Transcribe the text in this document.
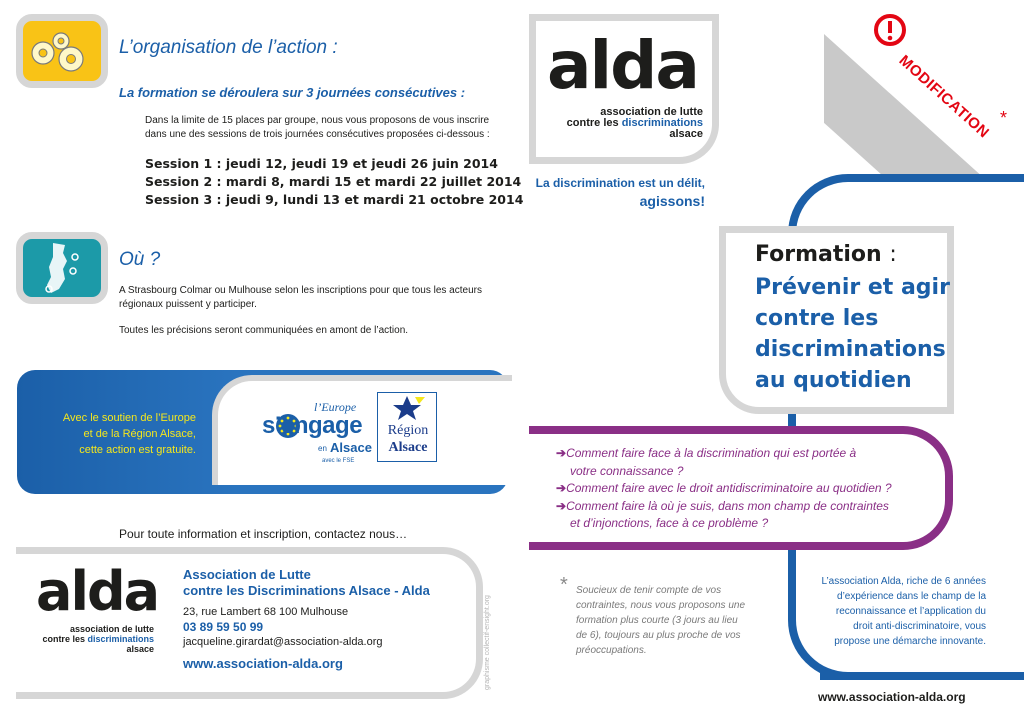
L’organisation de l’action :
La formation se déroulera sur 3 journées consécutives :
Dans la limite de 15 places par groupe, nous vous proposons de vous inscrire
dans une des sessions de trois journées consécutives proposées ci-dessous :
Session 1 : jeudi 12, jeudi 19 et jeudi 26 juin 2014
Session 2 : mardi 8, mardi 15 et mardi 22 juillet 2014
Session 3 : jeudi 9, lundi 13 et mardi 21 octobre 2014
Où ?
A Strasbourg Colmar ou Mulhouse selon les inscriptions pour que tous les acteurs
régionaux puissent y participer.
Toutes les précisions seront communiquées en amont de l’action.
Avec le soutien de l’Europe
et de la Région Alsace,
cette action est gratuite.
l’Europe
s’engage
en Alsace
avec le FSE
Région
Alsace
Pour toute information et inscription, contactez nous…
alda
association de lutte
contre les discriminations
alsace
Association de Lutte
contre les Discriminations Alsace - Alda
23, rue Lambert 68 100 Mulhouse
03 89 59 50 99
jacqueline.girardat@association-alda.org
www.association-alda.org	graphisme collectif-ensight.org
alda
association de lutte
contre les discriminations
alsace
La discrimination est un délit,
agissons!
MODIFICATION *
Formation :
Prévenir et agir
contre les
discriminations
au quotidien
➔Comment faire face à la discrimination qui est portée à
votre connaissance ?
➔Comment faire avec le droit antidiscriminatoire au quotidien ?
➔Comment faire là où je suis, dans mon champ de contraintes
et d’injonctions, face à ce problème ?
* Soucieux de tenir compte de vos
contraintes, nous vous proposons une
formation plus courte (3 jours au lieu
de 6), toujours au plus proche de vos
préoccupations.
L’association Alda, riche de 6 années
d’expérience dans le champ de la
reconnaissance et l’application du
droit anti-discriminatoire, vous
propose une démarche innovante.
www.association-alda.org
